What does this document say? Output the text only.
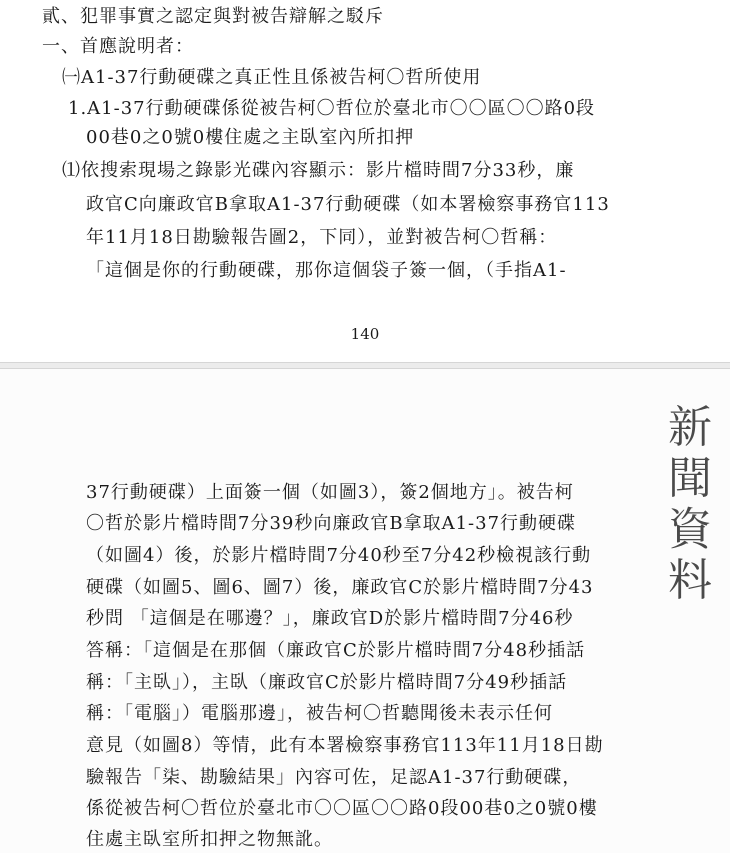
貳、犯罪事實之認定與對被告辯解之駁斥
一、首應說明者：
㈠A1-37行動硬碟之真正性且係被告柯〇哲所使用
1.A1-37行動硬碟係從被告柯〇哲位於臺北市〇〇區〇〇路0段
00巷0之0號0樓住處之主臥室內所扣押
⑴依搜索現場之錄影光碟內容顯示：影片檔時間7分33秒，廉
政官C向廉政官B拿取A1-37行動硬碟（如本署檢察事務官113
年11月18日勘驗報告圖2，下同），並對被告柯〇哲稱：
「這個是你的行動硬碟，那你這個袋子簽一個，（手指A1-
140
新
聞
資
料
37行動硬碟）上面簽一個（如圖3），簽2個地方」。被告柯
〇哲於影片檔時間7分39秒向廉政官B拿取A1-37行動硬碟
（如圖4）後，於影片檔時間7分40秒至7分42秒檢視該行動
硬碟（如圖5、圖6、圖7）後，廉政官C於影片檔時間7分43
秒問 「這個是在哪邊？」，廉政官D於影片檔時間7分46秒
答稱：「這個是在那個（廉政官C於影片檔時間7分48秒插話
稱：「主臥」），主臥（廉政官C於影片檔時間7分49秒插話
稱：「電腦」）電腦那邊」，被告柯〇哲聽聞後未表示任何
意見（如圖8）等情，此有本署檢察事務官113年11月18日勘
驗報告「柒、勘驗結果」內容可佐，足認A1-37行動硬碟，
係從被告柯〇哲位於臺北市〇〇區〇〇路0段00巷0之0號0樓
住處主臥室所扣押之物無訛。
